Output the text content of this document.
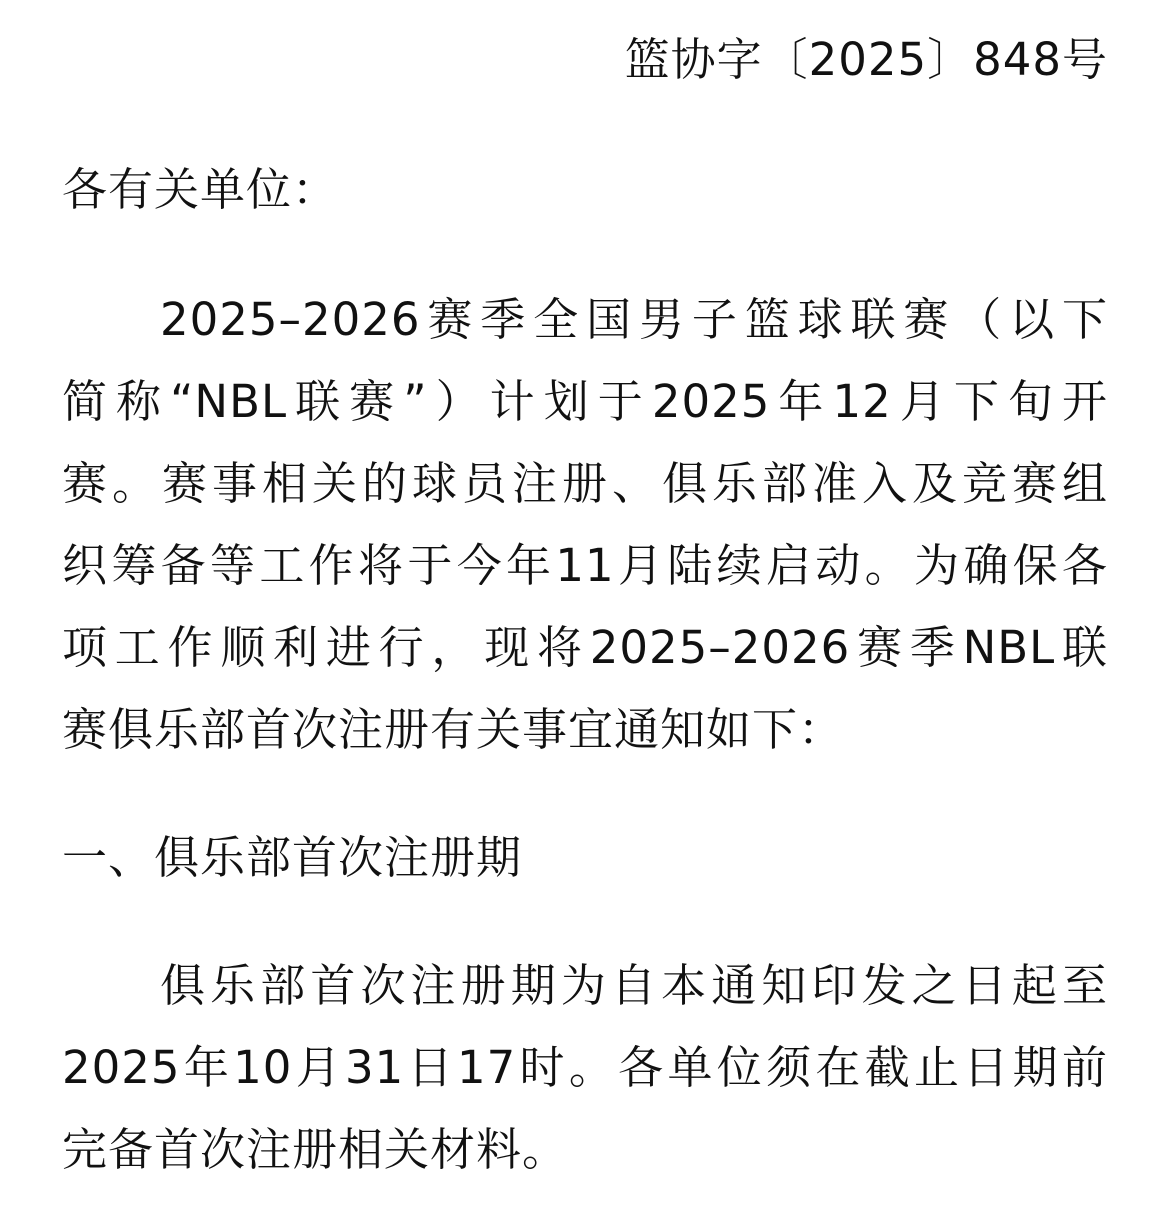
篮协字〔2025〕848号
各有关单位：
2025–2026赛季全国男子篮球联赛（以下
简称“NBL联赛”）计划于2025年12月下旬开
赛。赛事相关的球员注册、俱乐部准入及竞赛组
织筹备等工作将于今年11月陆续启动。为确保各
项工作顺利进行，现将2025–2026赛季NBL联
赛俱乐部首次注册有关事宜通知如下：
一、俱乐部首次注册期
俱乐部首次注册期为自本通知印发之日起至
2025年10月31日17时。各单位须在截止日期前
完备首次注册相关材料。
